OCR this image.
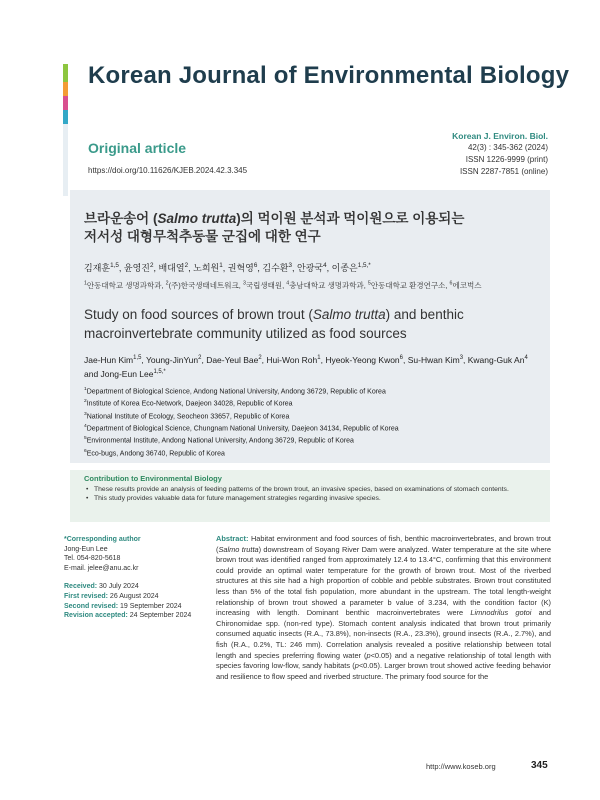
Korean Journal of Environmental Biology
Original article
https://doi.org/10.11626/KJEB.2024.42.3.345
Korean J. Environ. Biol.
42(3) : 345-362 (2024)
ISSN 1226-9999 (print)
ISSN 2287-7851 (online)
브라운송어 (Salmo trutta)의 먹이원 분석과 먹이원으로 이용되는
저서성 대형무척추동물 군집에 대한 연구
김재훈$^{1,5}$, 윤영진$^2$, 배대열$^2$, 노희원$^1$, 권혁영$^6$, 김수환$^3$, 안광국$^4$, 이종은$^{1,5,*}$
$^1$안동대학교 생명과학과, $^2$(주)한국생태네트워크, $^3$국립생태원, $^4$충남대학교 생명과학과, $^5$안동대학교 환경연구소, $^6$에코벅스
Study on food sources of brown trout (Salmo trutta) and benthic
macroinvertebrate community utilized as food sources
Jae-Hun Kim$^{1,5}$, Young-JinYun$^2$, Dae-Yeul Bae$^2$, Hui-Won Roh$^1$, Hyeok-Yeong Kwon$^6$, Su-Hwan Kim$^3$, Kwang-Guk An$^4$ and Jong-Eun Lee$^{1,5,*}$
$^1$Department of Biological Science, Andong National University, Andong 36729, Republic of Korea
$^2$Institute of Korea Eco-Network, Daejeon 34028, Republic of Korea
$^3$National Institute of Ecology, Seocheon 33657, Republic of Korea
$^4$Department of Biological Science, Chungnam National University, Daejeon 34134, Republic of Korea
$^5$Environmental Institute, Andong National University, Andong 36729, Republic of Korea
$^6$Eco-bugs, Andong 36740, Republic of Korea
Contribution to Environmental Biology
• These results provide an analysis of feeding patterns of the brown trout, an invasive species, based on examinations of stomach contents.
• This study provides valuable data for future management strategies regarding invasive species.
*Corresponding author
Jong-Eun Lee
Tel. 054-820-5618
E-mail. jelee@anu.ac.kr
Received: 30 July 2024
First revised: 26 August 2024
Second revised: 19 September 2024
Revision accepted: 24 September 2024
Abstract: Habitat environment and food sources of fish, benthic macroinvertebrates, and brown trout (Salmo trutta) downstream of Soyang River Dam were analyzed. Water temperature at the site where brown trout was identified ranged from approximately 12.4 to 13.4°C, confirming that this environment could provide an optimal water temperature for the growth of brown trout. Most of the riverbed structures at this site had a high proportion of cobble and pebble substrates. Brown trout constituted less than 5% of the total fish population, more abundant in the upstream. The total length-weight relationship of brown trout showed a parameter b value of 3.234, with the condition factor (K) increasing with length. Dominant benthic macroinvertebrates were Limnodrilus gotoi and Chironomidae spp. (non-red type). Stomach content analysis indicated that brown trout primarily consumed aquatic insects (R.A., 73.8%), non-insects (R.A., 23.3%), ground insects (R.A., 2.7%), and fish (R.A., 0.2%, TL: 246 mm). Correlation analysis revealed a positive relationship between total length and species preferring flowing water (p<0.05) and a negative relationship of total length with species favoring low-flow, sandy habitats (p<0.05). Larger brown trout showed active feeding behavior and resilience to flow speed and riverbed structure. The primary food source for the
http://www.koseb.org	345
